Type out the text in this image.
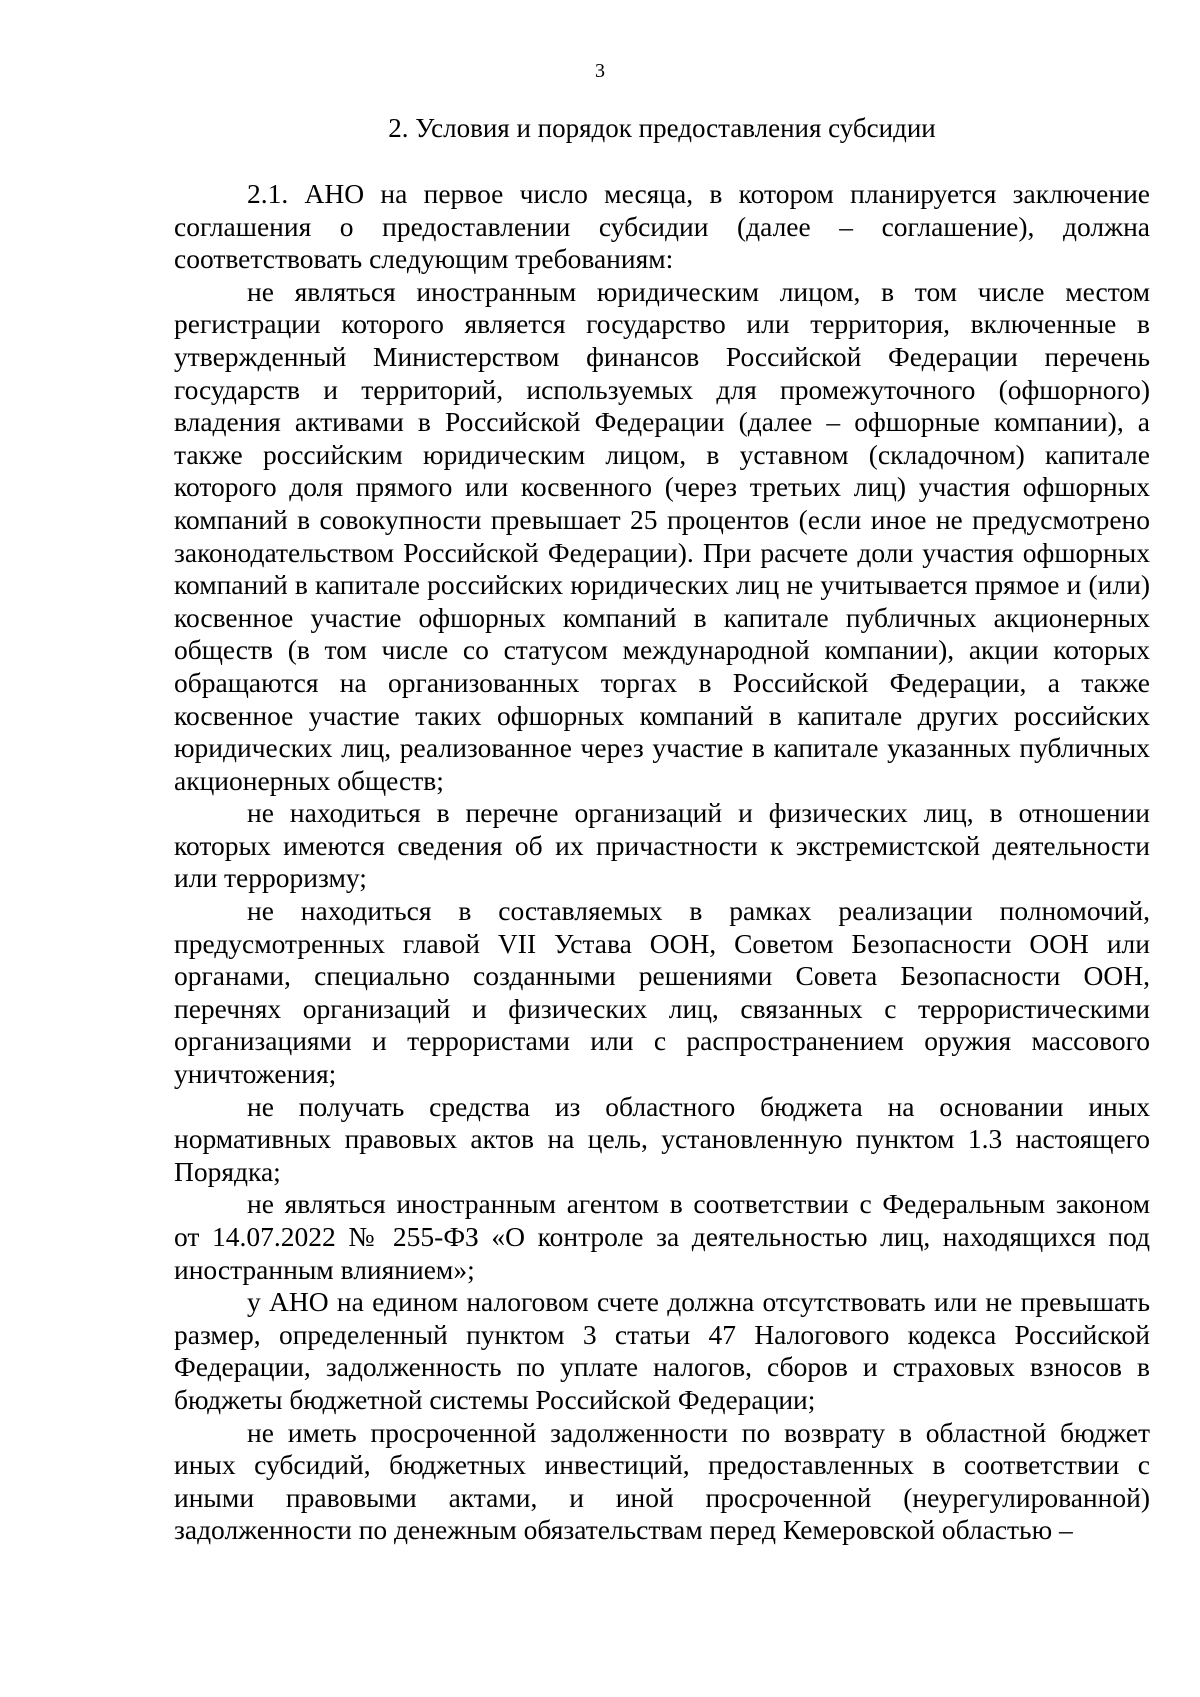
3
2. Условия и порядок предоставления субсидии

2.1. АНО на первое число месяца, в котором планируется заключение соглашения о предоставлении субсидии (далее – соглашение), должна соответствовать следующим требованиям:

не являться иностранным юридическим лицом, в том числе местом регистрации которого является государство или территория, включенные в утвержденный Министерством финансов Российской Федерации перечень государств и территорий, используемых для промежуточного (офшорного) владения активами в Российской Федерации (далее – офшорные компании), а также российским юридическим лицом, в уставном (складочном) капитале которого доля прямого или косвенного (через третьих лиц) участия офшорных компаний в совокупности превышает 25 процентов (если иное не предусмотрено законодательством Российской Федерации). При расчете доли участия офшорных компаний в капитале российских юридических лиц не учитывается прямое и (или) косвенное участие офшорных компаний в капитале публичных акционерных обществ (в том числе со статусом международной компании), акции которых обращаются на организованных торгах в Российской Федерации, а также косвенное участие таких офшорных компаний в капитале других российских юридических лиц, реализованное через участие в капитале указанных публичных акционерных обществ;

не находиться в перечне организаций и физических лиц, в отношении которых имеются сведения об их причастности к экстремистской деятельности или терроризму;

не находиться в составляемых в рамках реализации полномочий, предусмотренных главой VII Устава ООН, Советом Безопасности ООН или органами, специально созданными решениями Совета Безопасности ООН, перечнях организаций и физических лиц, связанных с террористическими организациями и террористами или с распространением оружия массового уничтожения;

не получать средства из областного бюджета на основании иных нормативных правовых актов на цель, установленную пунктом 1.3 настоящего Порядка;

не являться иностранным агентом в соответствии с Федеральным законом от 14.07.2022 № 255-ФЗ «О контроле за деятельностью лиц, находящихся под иностранным влиянием»;

у АНО на едином налоговом счете должна отсутствовать или не превышать размер, определенный пунктом 3 статьи 47 Налогового кодекса Российской Федерации, задолженность по уплате налогов, сборов и страховых взносов в бюджеты бюджетной системы Российской Федерации;

не иметь просроченной задолженности по возврату в областной бюджет иных субсидий, бюджетных инвестиций, предоставленных в соответствии с иными правовыми актами, и иной просроченной (неурегулированной) задолженности по денежным обязательствам перед Кемеровской областью –
